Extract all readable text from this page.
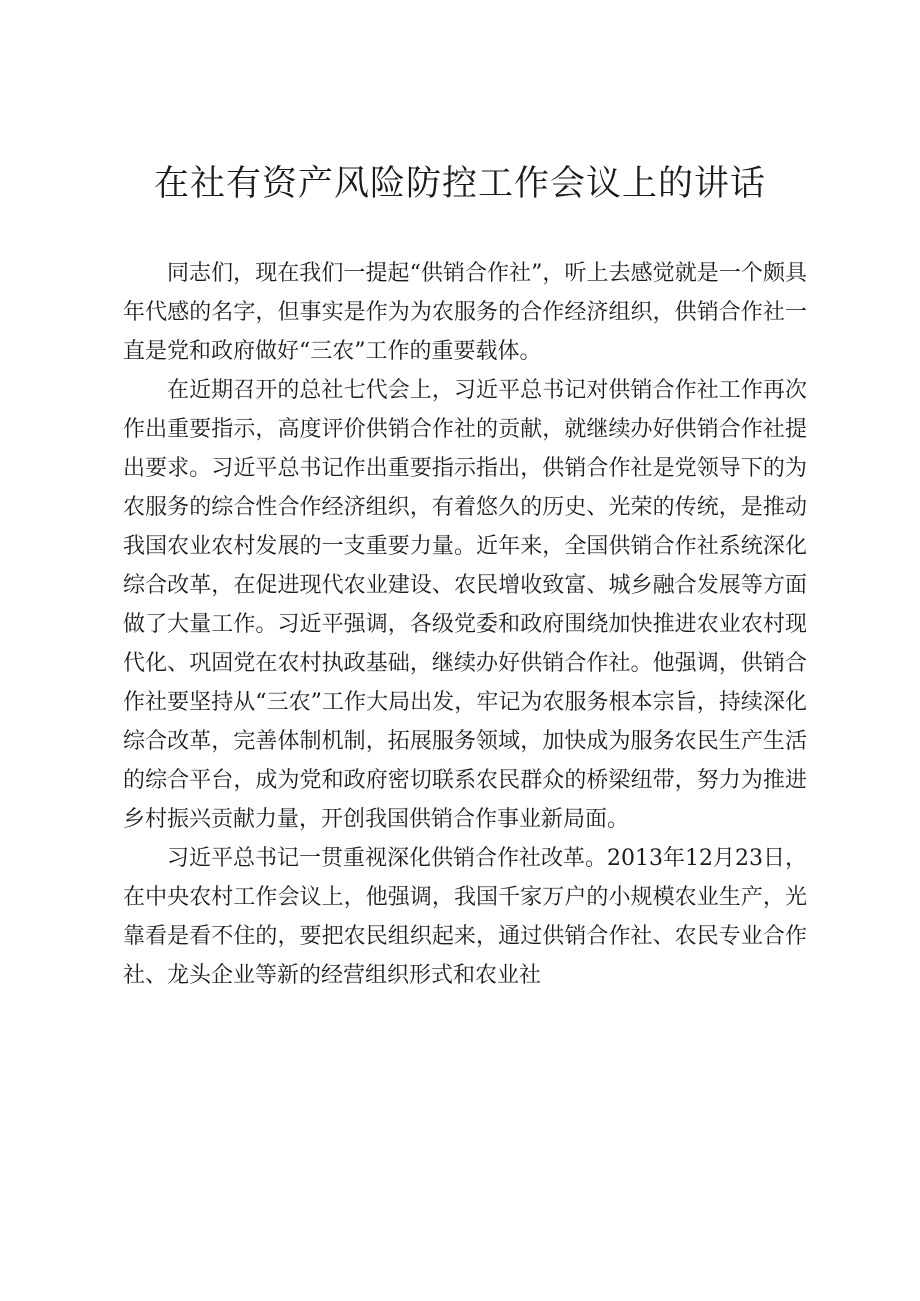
在社有资产风险防控工作会议上的讲话

同志们，现在我们一提起“供销合作社”，听上去感觉就是一个颇具年代感的名字，但事实是作为为农服务的合作经济组织，供销合作社一直是党和政府做好“三农”工作的重要载体。

在近期召开的总社七代会上，习近平总书记对供销合作社工作再次作出重要指示，高度评价供销合作社的贡献，就继续办好供销合作社提出要求。习近平总书记作出重要指示指出，供销合作社是党领导下的为农服务的综合性合作经济组织，有着悠久的历史、光荣的传统，是推动我国农业农村发展的一支重要力量。近年来，全国供销合作社系统深化综合改革，在促进现代农业建设、农民增收致富、城乡融合发展等方面做了大量工作。习近平强调，各级党委和政府围绕加快推进农业农村现代化、巩固党在农村执政基础，继续办好供销合作社。他强调，供销合作社要坚持从“三农”工作大局出发，牢记为农服务根本宗旨，持续深化综合改革，完善体制机制，拓展服务领域，加快成为服务农民生产生活的综合平台，成为党和政府密切联系农民群众的桥梁纽带，努力为推进乡村振兴贡献力量，开创我国供销合作事业新局面。

习近平总书记一贯重视深化供销合作社改革。2013年12月23日，在中央农村工作会议上，他强调，我国千家万户的小规模农业生产，光靠看是看不住的，要把农民组织起来，通过供销合作社、农民专业合作社、龙头企业等新的经营组织形式和农业社
